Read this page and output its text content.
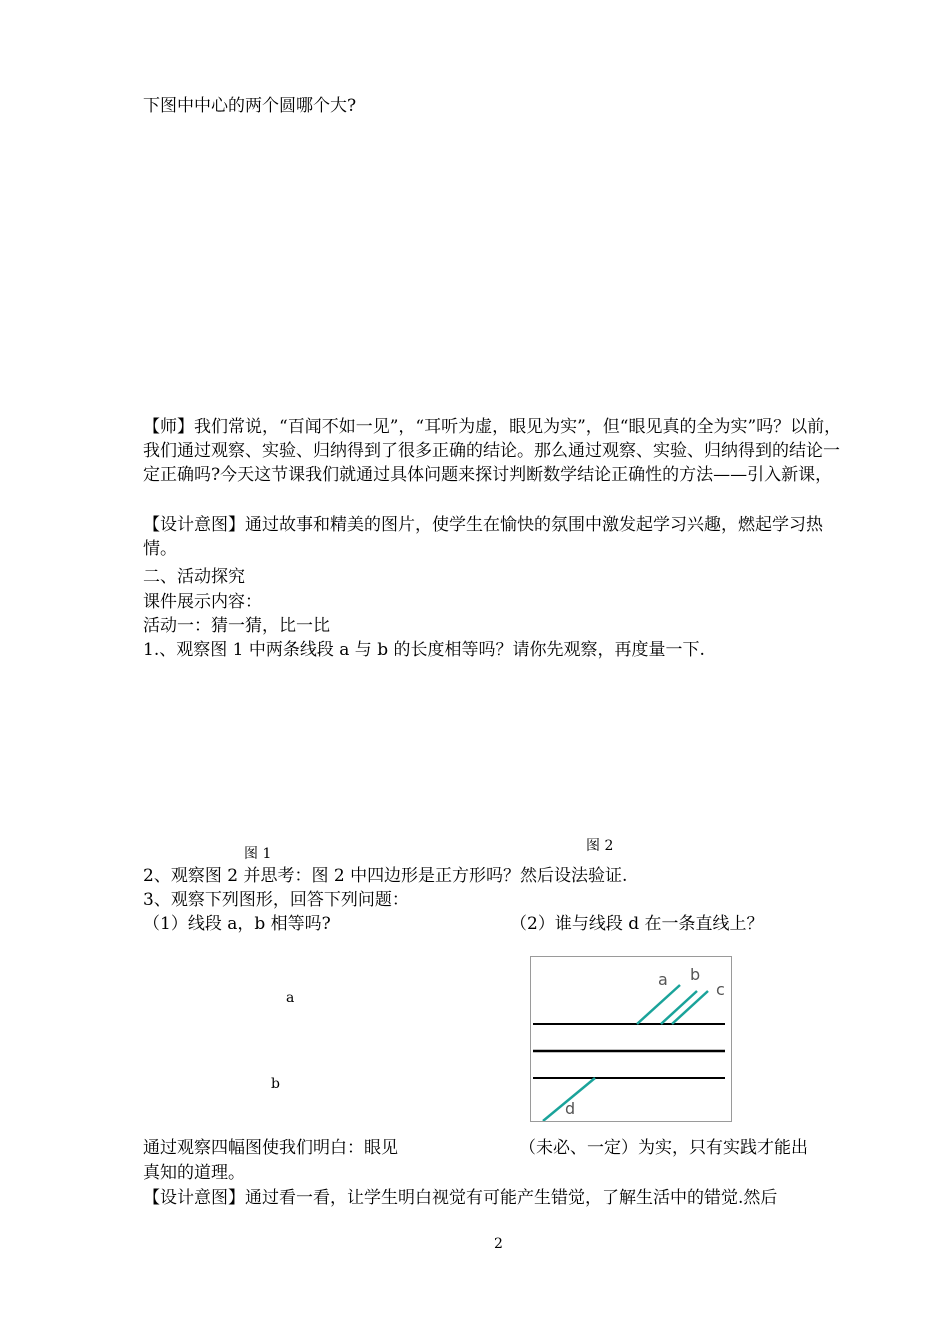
下图中中心的两个圆哪个大?
【师】我们常说，“百闻不如一见”，“耳听为虚，眼见为实”，但“眼见真的全为实”吗？以前，我们通过观察、实验、归纳得到了很多正确的结论。那么通过观察、实验、归纳得到的结论一定正确吗?今天这节课我们就通过具体问题来探讨判断数学结论正确性的方法——引入新课，
【设计意图】通过故事和精美的图片，使学生在愉快的氛围中激发起学习兴趣，燃起学习热情。
二、活动探究
课件展示内容：
活动一：猜一猜，比一比
1.、观察图 1 中两条线段 a 与 b 的长度相等吗？请你先观察，再度量一下.
图 1	图 2
2、观察图 2 并思考：图 2 中四边形是正方形吗？然后设法验证.
3、观察下列图形，回答下列问题：
（1）线段 a，b 相等吗?	（2）谁与线段 d 在一条直线上？
a
b
a b
c
d
通过观察四幅图使我们明白：眼见	（未必、一定）为实，只有实践才能出
真知的道理。
【设计意图】通过看一看，让学生明白视觉有可能产生错觉，了解生活中的错觉.然后
2
